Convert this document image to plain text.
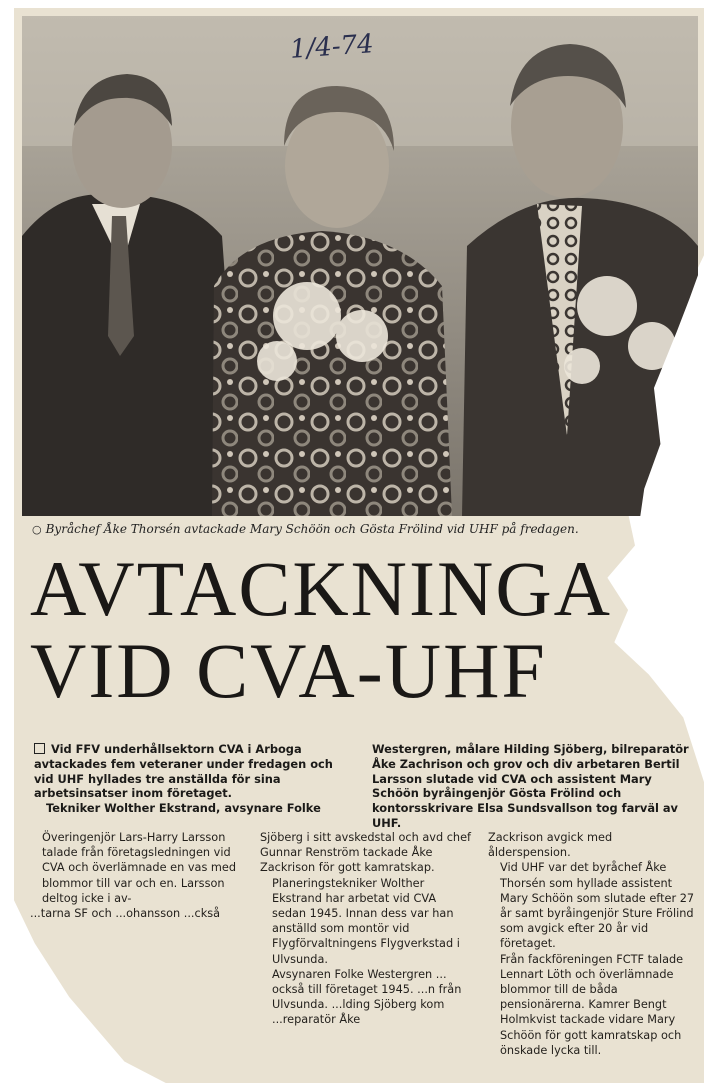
1/4-74
○ Byråchef Åke Thorsén avtackade Mary Schöön och Gösta Frölind vid UHF på fredagen.
AVTACKNINGA
VID CVA-UHF

Vid FFV underhållsektorn CVA i Arboga avtackades fem veteraner under fredagen och vid UHF hyllades tre anställda för sina arbetsinsatser inom företaget.

Tekniker Wolther Ekstrand, avsynare Folke

Westergren, målare Hilding Sjöberg, bilreparatör Åke Zachrison och grov och div arbetaren Bertil Larsson slutade vid CVA och assistent Mary Schöön byråingenjör Gösta Frölind och kontorsskrivare Elsa Sundsvallson tog farväl av UHF.

Överingenjör Lars-Harry Larsson talade från företagsledningen vid CVA och överlämnade en vas med blommor till var och en. Larsson deltog icke i av-

...tarna SF och ...ohansson ...ckså

Sjöberg i sitt avskedstal och avd chef Gunnar Renström tackade Åke Zackrison för gott kamratskap.

Planeringstekniker Wolther Ekstrand har arbetat vid CVA sedan 1945. Innan dess var han anställd som montör vid Flygförvaltningens Flygverkstad i Ulvsunda.

Avsynaren Folke Westergren ... också till företaget 1945. ...n från Ulvsunda. ...lding Sjöberg kom ...reparatör Åke

Zackrison avgick med ålderspension.

Vid UHF var det byråchef Åke Thorsén som hyllade assistent Mary Schöön som slutade efter 27 år samt byråingenjör Sture Frölind som avgick efter 20 år vid företaget.

Från fackföreningen FCTF talade Lennart Löth och överlämnade blommor till de båda pensionärerna. Kamrer Bengt Holmkvist tackade vidare Mary Schöön för gott kamratskap och önskade lycka till.
